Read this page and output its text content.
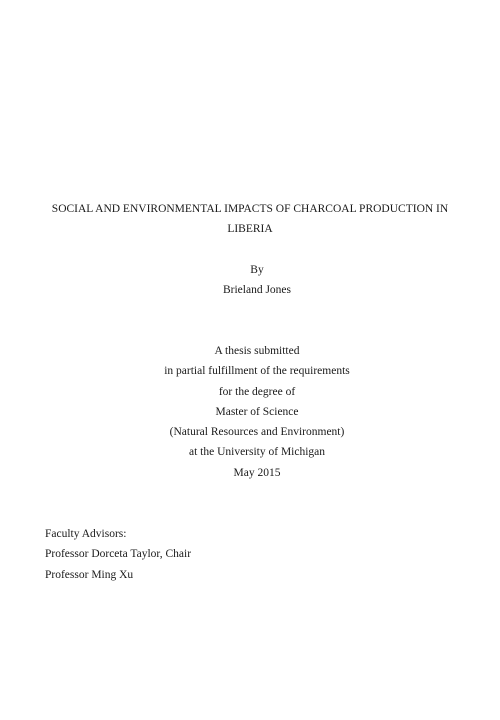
SOCIAL AND ENVIRONMENTAL IMPACTS OF CHARCOAL PRODUCTION IN
LIBERIA
By
Brieland Jones
A thesis submitted
in partial fulfillment of the requirements
for the degree of
Master of Science
(Natural Resources and Environment)
at the University of Michigan
May 2015
Faculty Advisors:
Professor Dorceta Taylor, Chair
Professor Ming Xu
